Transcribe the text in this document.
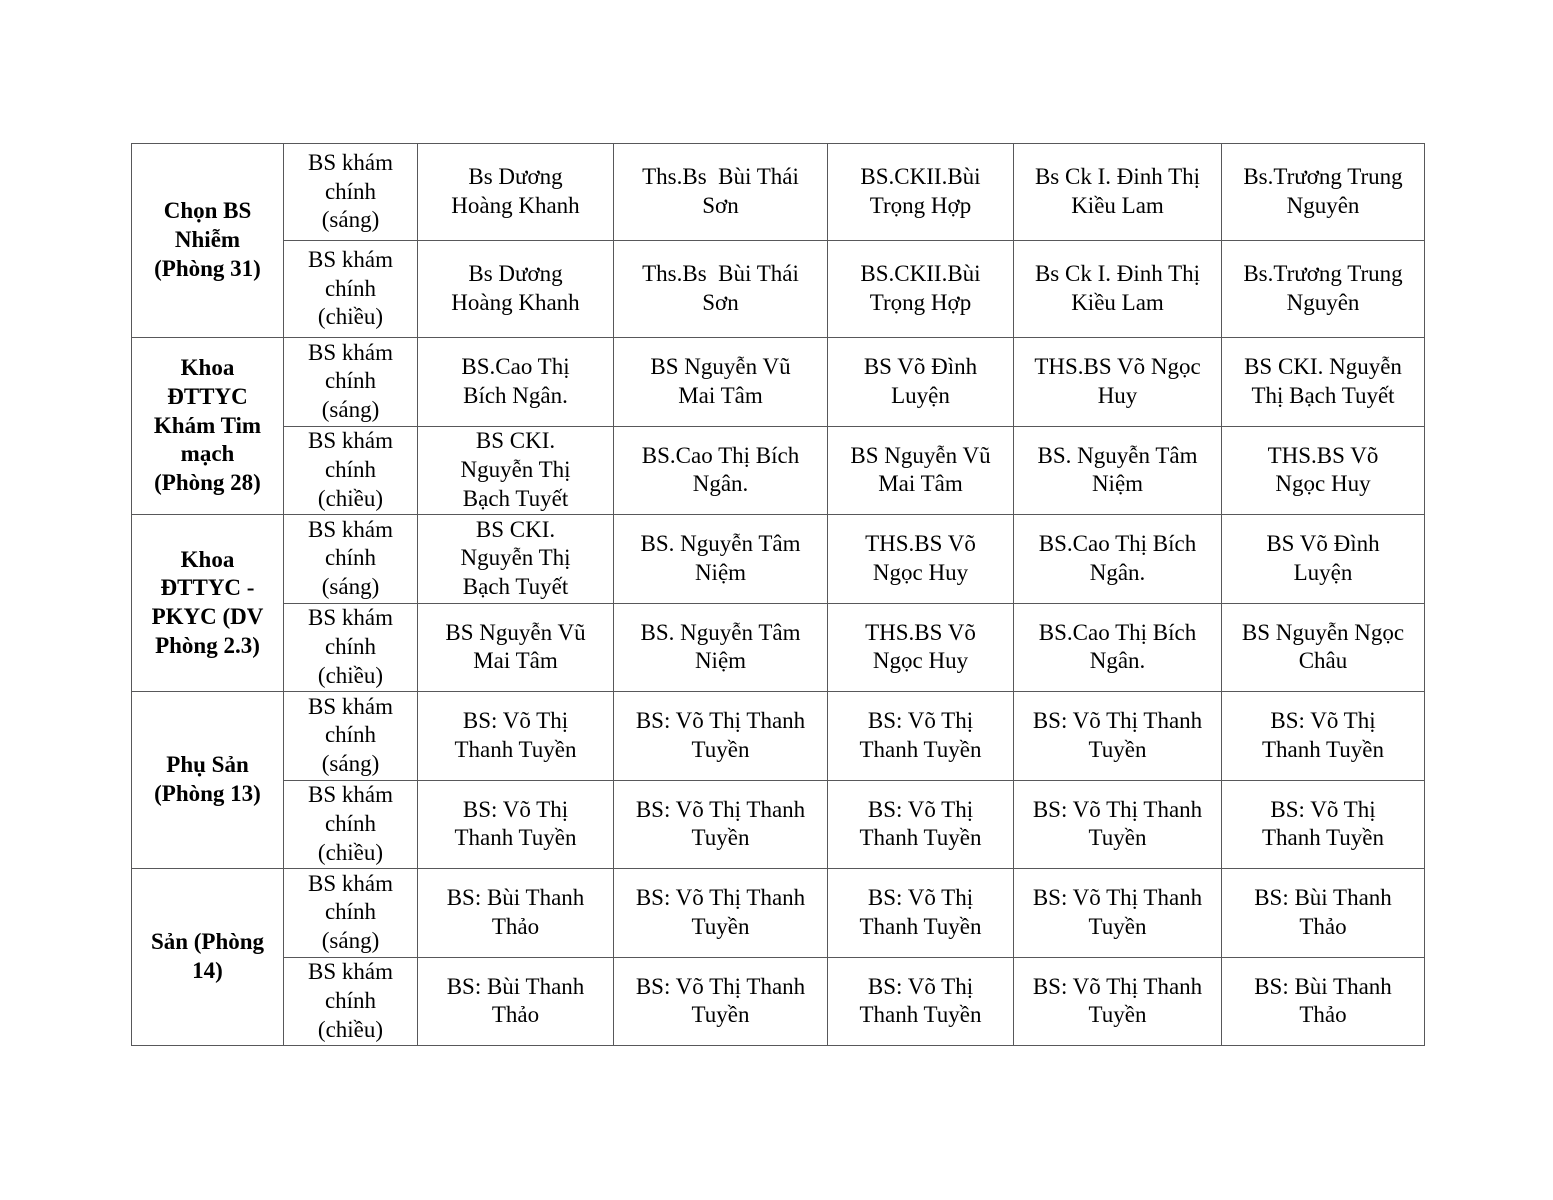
Chọn BS Nhiễm (Phòng 31)	BS khám chính (sáng)	Bs Dương Hoàng Khanh	Ths.Bs  Bùi Thái Sơn	BS.CKII.Bùi Trọng Hợp	Bs Ck I. Đinh Thị Kiều Lam	Bs.Trương Trung Nguyên
	BS khám chính (chiều)	Bs Dương Hoàng Khanh	Ths.Bs  Bùi Thái Sơn	BS.CKII.Bùi Trọng Hợp	Bs Ck I. Đinh Thị Kiều Lam	Bs.Trương Trung Nguyên
Khoa ĐTTYC Khám Tim mạch (Phòng 28)	BS khám chính (sáng)	BS.Cao Thị Bích Ngân.	BS Nguyễn Vũ Mai Tâm	BS Võ Đình Luyện	THS.BS Võ Ngọc Huy	BS CKI. Nguyễn Thị Bạch Tuyết
	BS khám chính (chiều)	BS CKI. Nguyễn Thị Bạch Tuyết	BS.Cao Thị Bích Ngân.	BS Nguyễn Vũ Mai Tâm	BS. Nguyễn Tâm Niệm	THS.BS Võ Ngọc Huy
Khoa ĐTTYC - PKYC (DV Phòng 2.3)	BS khám chính (sáng)	BS CKI. Nguyễn Thị Bạch Tuyết	BS. Nguyễn Tâm Niệm	THS.BS Võ Ngọc Huy	BS.Cao Thị Bích Ngân.	BS Võ Đình Luyện
	BS khám chính (chiều)	BS Nguyễn Vũ Mai Tâm	BS. Nguyễn Tâm Niệm	THS.BS Võ Ngọc Huy	BS.Cao Thị Bích Ngân.	BS Nguyễn Ngọc Châu
Phụ Sản (Phòng 13)	BS khám chính (sáng)	BS: Võ Thị Thanh Tuyền	BS: Võ Thị Thanh Tuyền	BS: Võ Thị Thanh Tuyền	BS: Võ Thị Thanh Tuyền	BS: Võ Thị Thanh Tuyền
	BS khám chính (chiều)	BS: Võ Thị Thanh Tuyền	BS: Võ Thị Thanh Tuyền	BS: Võ Thị Thanh Tuyền	BS: Võ Thị Thanh Tuyền	BS: Võ Thị Thanh Tuyền
Sản (Phòng 14)	BS khám chính (sáng)	BS: Bùi Thanh Thảo	BS: Võ Thị Thanh Tuyền	BS: Võ Thị Thanh Tuyền	BS: Võ Thị Thanh Tuyền	BS: Bùi Thanh Thảo
	BS khám chính (chiều)	BS: Bùi Thanh Thảo	BS: Võ Thị Thanh Tuyền	BS: Võ Thị Thanh Tuyền	BS: Võ Thị Thanh Tuyền	BS: Bùi Thanh Thảo
